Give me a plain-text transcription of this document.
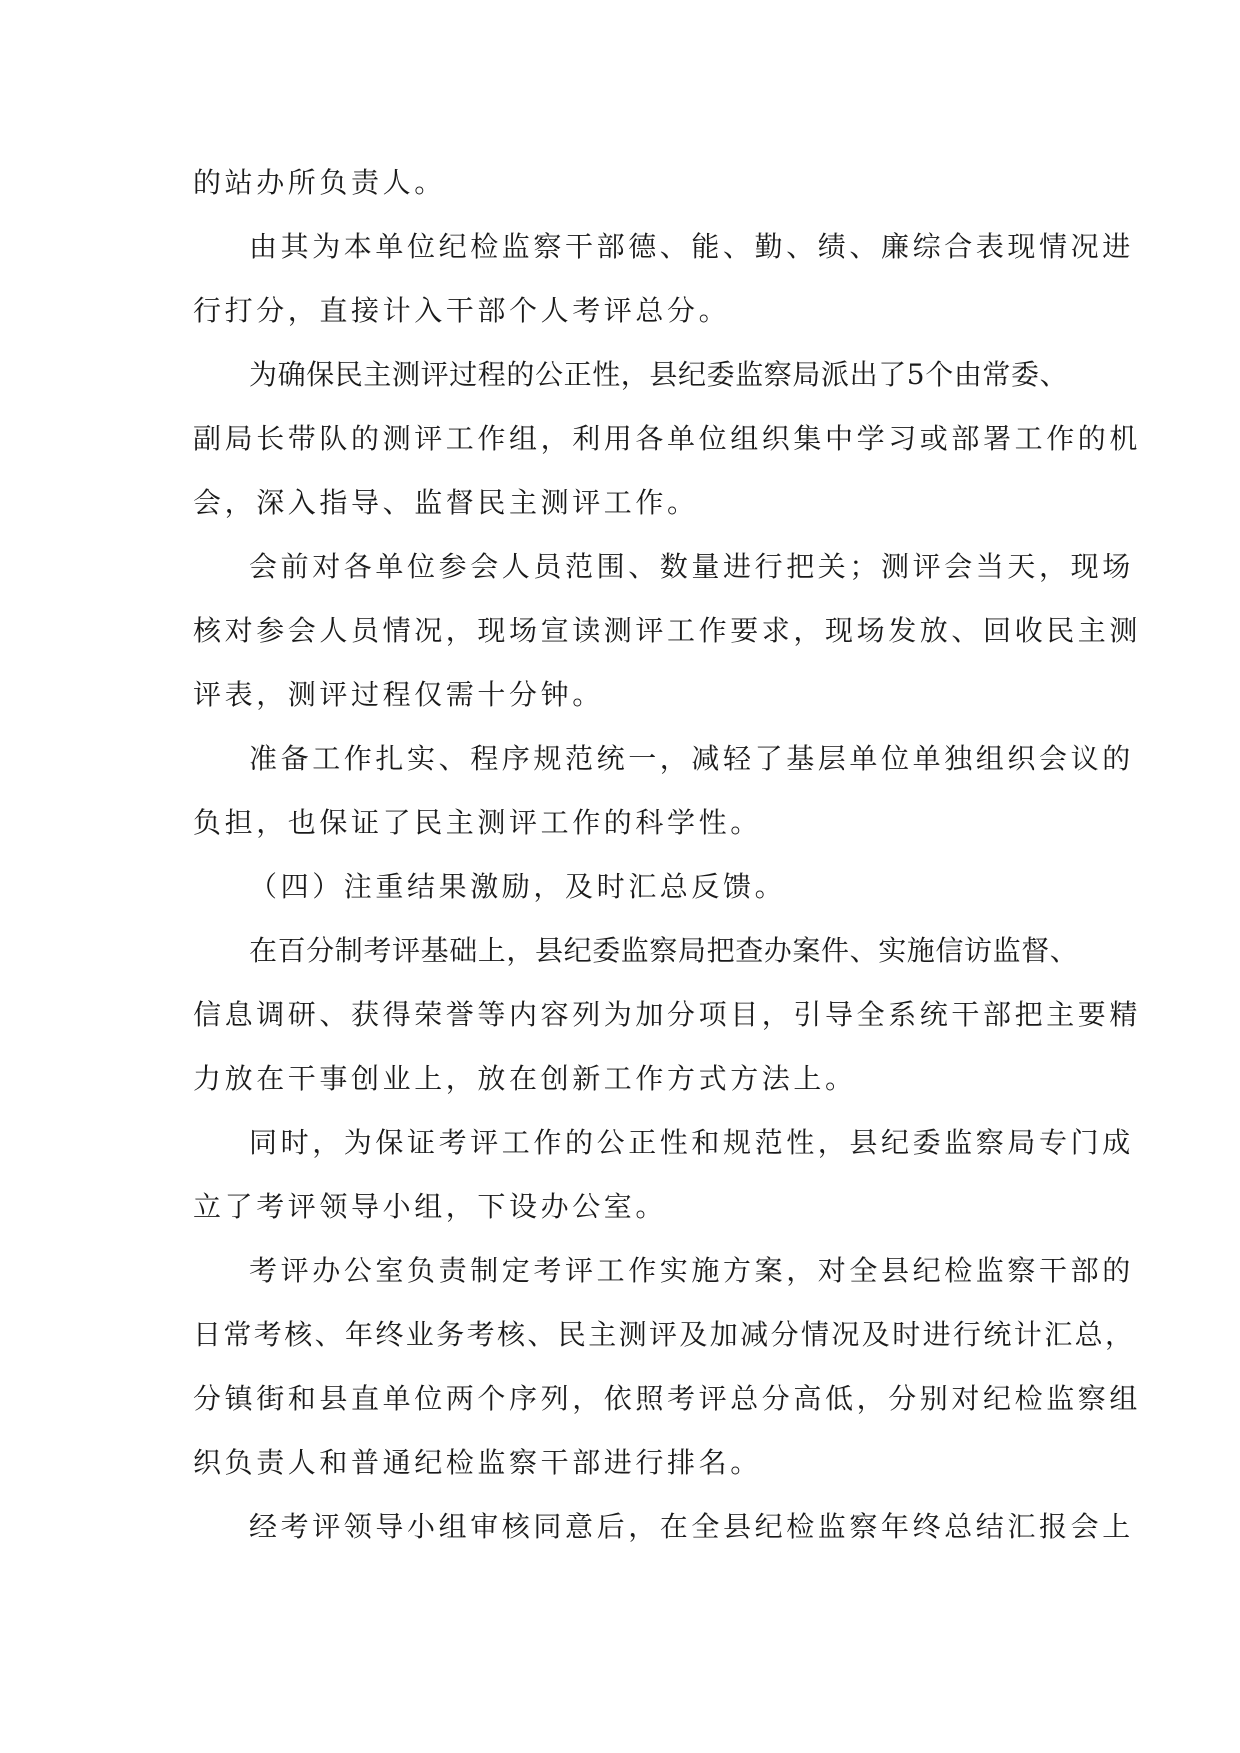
的站办所负责人。
由其为本单位纪检监察干部德、能、勤、绩、廉综合表现情况进
行打分，直接计入干部个人考评总分。
为确保民主测评过程的公正性，县纪委监察局派出了5个由常委、
副局长带队的测评工作组，利用各单位组织集中学习或部署工作的机
会，深入指导、监督民主测评工作。
会前对各单位参会人员范围、数量进行把关；测评会当天，现场
核对参会人员情况，现场宣读测评工作要求，现场发放、回收民主测
评表，测评过程仅需十分钟。
准备工作扎实、程序规范统一，减轻了基层单位单独组织会议的
负担，也保证了民主测评工作的科学性。
（四）注重结果激励，及时汇总反馈。
在百分制考评基础上，县纪委监察局把查办案件、实施信访监督、
信息调研、获得荣誉等内容列为加分项目，引导全系统干部把主要精
力放在干事创业上，放在创新工作方式方法上。
同时，为保证考评工作的公正性和规范性，县纪委监察局专门成
立了考评领导小组，下设办公室。
考评办公室负责制定考评工作实施方案，对全县纪检监察干部的
日常考核、年终业务考核、民主测评及加减分情况及时进行统计汇总，
分镇街和县直单位两个序列，依照考评总分高低，分别对纪检监察组
织负责人和普通纪检监察干部进行排名。
经考评领导小组审核同意后，在全县纪检监察年终总结汇报会上
